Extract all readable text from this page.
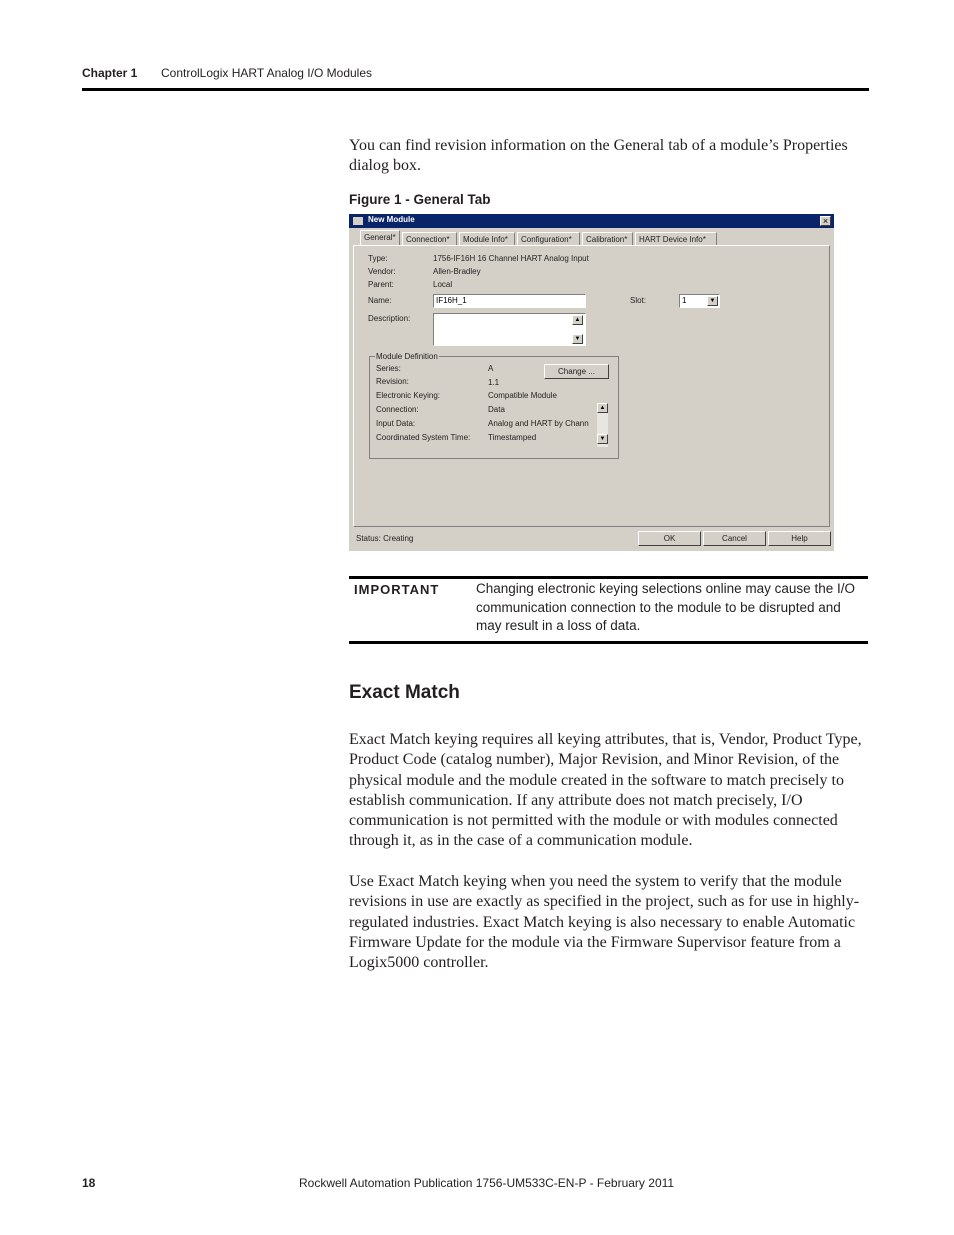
Chapter 1 ControlLogix HART Analog I/O Modules
You can find revision information on the General tab of a module’s Properties dialog box.
Figure 1 - General Tab
New Module	×
General*	Connection*	Module Info*	Configuration*	Calibration*	HART Device Info*
Type:	1756-IF16H 16 Channel HART Analog Input
Vendor:	Allen-Bradley
Parent:	Local
Name:	IF16H_1	Slot:	1	▼
Description:	▲
▼
Module Definition
Series:	A	Change ...
Revision:	1.1
Electronic Keying:	Compatible Module
Connection:	Data
Input Data:	Analog and HART by Chann
Coordinated System Time: Timestamped
▲
▼
Status: Creating	OK	Cancel	Help
IMPORTANT	Changing electronic keying selections online may cause the I/O communication connection to the module to be disrupted and may result in a loss of data.
Exact Match
Exact Match keying requires all keying attributes, that is, Vendor, Product Type, Product Code (catalog number), Major Revision, and Minor Revision, of the physical module and the module created in the software to match precisely to establish communication. If any attribute does not match precisely, I/O communication is not permitted with the module or with modules connected through it, as in the case of a communication module.
Use Exact Match keying when you need the system to verify that the module revisions in use are exactly as specified in the project, such as for use in highly-regulated industries. Exact Match keying is also necessary to enable Automatic Firmware Update for the module via the Firmware Supervisor feature from a Logix5000 controller.
18	Rockwell Automation Publication 1756-UM533C-EN-P - February 2011
